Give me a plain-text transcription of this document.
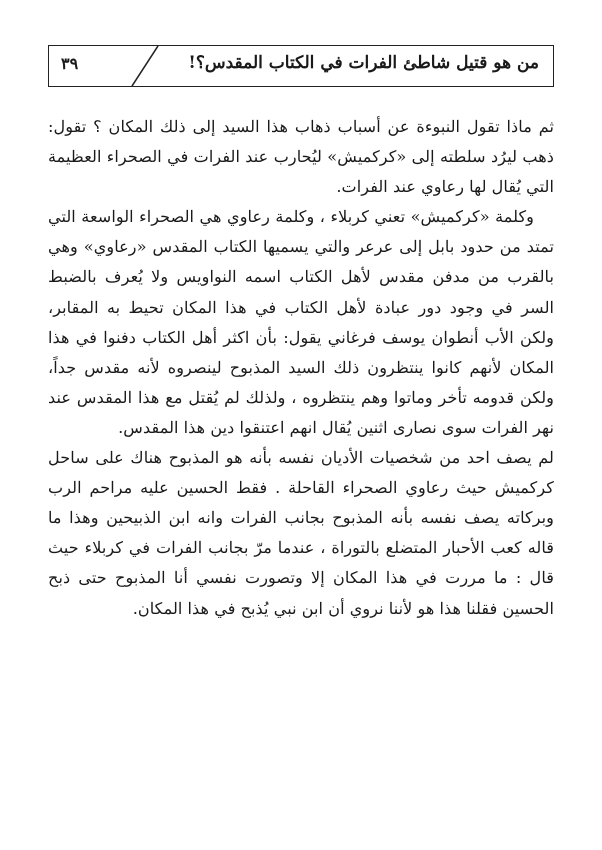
من هو قتيل شاطئ الفرات في الكتاب المقدس؟!
٣٩

ثم ماذا تقول النبوءة عن أسباب ذهاب هذا السيد إلى ذلك المكان ؟ تقول: ذهب ليرُد سلطته إلى «كركميش» ليُحارب عند الفرات في الصحراء العظيمة التي يُقال لها رعاوي عند الفرات.

وكلمة «كركميش» تعني كربلاء ، وكلمة رعاوي هي الصحراء الواسعة التي تمتد من حدود بابل إلى عرعر والتي يسميها الكتاب المقدس «رعاوي» وهي بالقرب من مدفن مقدس لأهل الكتاب اسمه النواويس ولا يُعرف بالضبط السر في وجود دور عبادة لأهل الكتاب في هذا المكان تحيط به المقابر، ولكن الأب أنطوان يوسف فرغاني يقول: بأن اكثر أهل الكتاب دفنوا في هذا المكان لأنهم كانوا ينتظرون ذلك السيد المذبوح لينصروه لأنه مقدس جداً، ولكن قدومه تأخر وماتوا وهم ينتظروه ، ولذلك لم يُقتل مع هذا المقدس عند نهر الفرات سوى نصارى اثنين يُقال انهم اعتنقوا دين هذا المقدس.

لم يصف احد من شخصيات الأديان نفسه بأنه هو المذبوح هناك على ساحل كركميش حيث رعاوي الصحراء القاحلة . فقط الحسين عليه مراحم الرب وبركاته يصف نفسه بأنه المذبوح بجانب الفرات وانه ابن الذبيحين وهذا ما قاله كعب الأحبار المتضلع بالتوراة ، عندما مرّ بجانب الفرات في كربلاء حيث قال : ما مررت في هذا المكان إلا وتصورت نفسي أنا المذبوح حتى ذبح الحسين فقلنا هذا هو لأننا نروي أن ابن نبي يُذبح في هذا المكان.
